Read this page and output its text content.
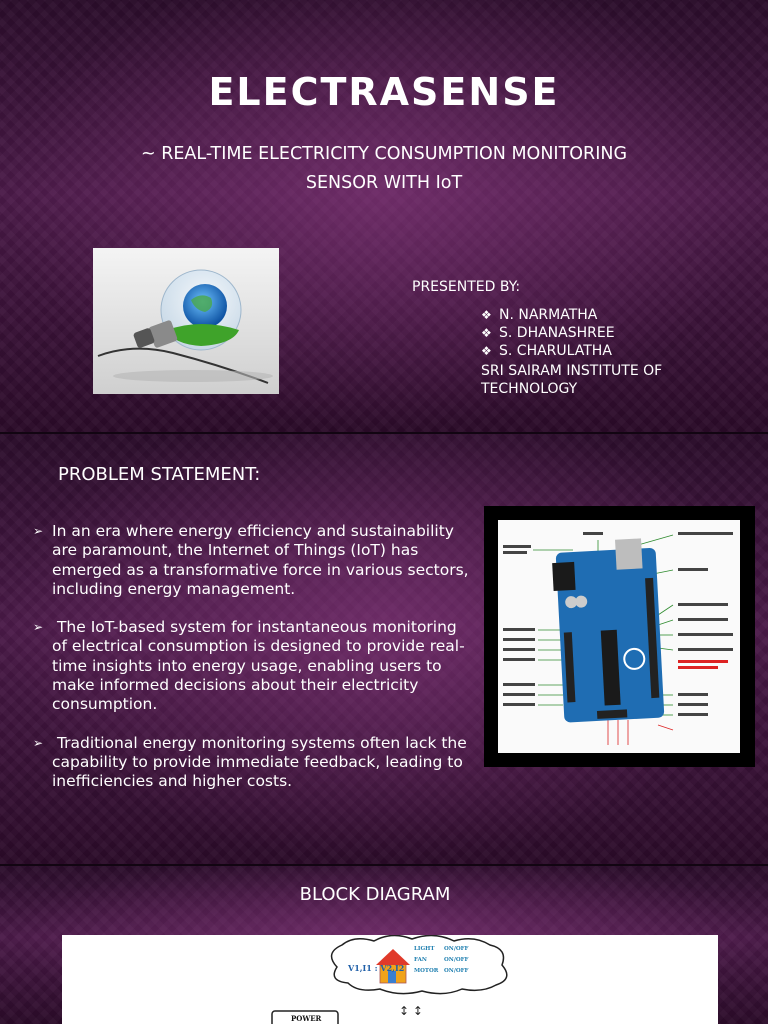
ELECTRASENSE
~ REAL-TIME ELECTRICITY CONSUMPTION MONITORING
SENSOR WITH IoT
PRESENTED BY:
❖ N. NARMATHA
❖ S. DHANASHREE
❖ S. CHARULATHA
SRI SAIRAM INSTITUTE OF TECHNOLOGY
PROBLEM STATEMENT:
➢ In an era where energy efficiency and sustainability are paramount, the Internet of Things (IoT) has emerged as a transformative force in various sectors, including energy management.
➢ The IoT-based system for instantaneous monitoring of electrical consumption is designed to provide real-time insights into energy usage, enabling users to make informed decisions about their electricity consumption.
➢ Traditional energy monitoring systems often lack the capability to provide immediate feedback, leading to inefficiencies and higher costs.
BLOCK DIAGRAM
V1,I1 : V2,I2
LIGHT ON/OFF
FAN	ON/OFF
MOTOR ON/OFF
↕ ↕
POWER
